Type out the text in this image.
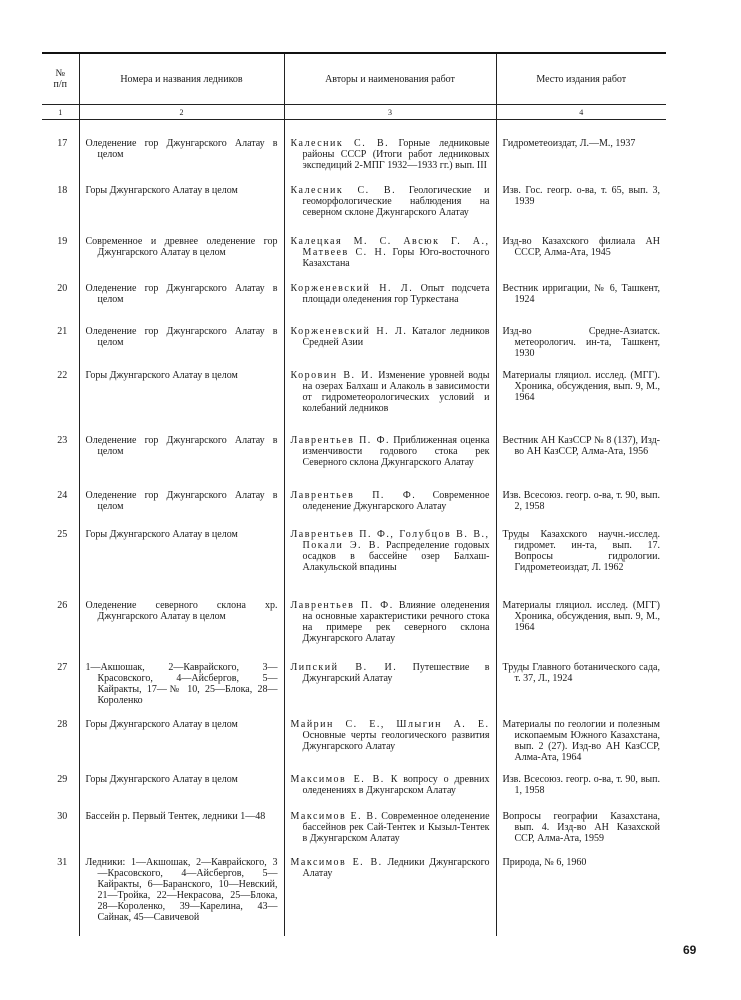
№ п/п	Номера и названия ледников	Авторы и наименования работ	Место издания работ
1	2	3	4
17	Оледенение гор Джунгарского Алатау в целом	Калесник С. В. Горные ледниковые районы СССР (Итоги работ ледниковых экспедиций 2-МПГ 1932—1933 гг.) вып. III	Гидрометеоиздат, Л.—М., 1937

18	Горы Джунгарского Алатау в целом	Калесник С. В. Геологические и геоморфологические наблюдения на северном склоне Джунгарского Алатау	Изв. Гос. геогр. о-ва, т. 65, вып. 3, 1939

19	Современное и древнее оледенение гор Джунгарского Алатау в целом	Калецкая М. С. Авсюк Г. А., Матвеев С. Н. Горы Юго-восточного Казахстана	Изд-во Казахского филиала АН СССР, Алма-Ата, 1945

20	Оледенение гор Джунгарского Алатау в целом	Корженевский Н. Л. Опыт подсчета площади оледенения гор Туркестана	Вестник ирригации, № 6, Ташкент, 1924

21	Оледенение гор Джунгарского Алатау в целом	Корженевский Н. Л. Каталог ледников Средней Азии	Изд-во Средне-Азиатск. метеорологич. ин-та, Ташкент, 1930

22	Горы Джунгарского Алатау в целом	Коровин В. И. Изменение уровней воды на озерах Балхаш и Алаколь в зависимости от гидрометеорологических условий и колебаний ледников	Материалы гляциол. исслед. (МГГ). Хроника, обсуждения, вып. 9, М., 1964

23	Оледенение гор Джунгарского Алатау в целом	Лаврентьев П. Ф. Приближенная оценка изменчивости годового стока рек Северного склона Джунгарского Алатау	Вестник АН КазССР № 8 (137), Изд-во АН КазССР, Алма-Ата, 1956

24	Оледенение гор Джунгарского Алатау в целом	Лаврентьев П. Ф. Современное оледенение Джунгарского Алатау	Изв. Всесоюз. геогр. о-ва, т. 90, вып. 2, 1958

25	Горы Джунгарского Алатау в целом	Лаврентьев П. Ф., Голубцов В. В., Покали Э. В. Распределение годовых осадков в бассейне озер Балхаш-Алакульской впадины	Труды Казахского научн.-исслед. гидромет. ин-та, вып. 17. Вопросы гидрологии. Гидрометеоиздат, Л. 1962

26	Оледенение северного склона хр. Джунгарского Алатау в целом	Лаврентьев П. Ф. Влияние оледенения на основные характеристики речного стока на примере рек северного склона Джунгарского Алатау	Материалы гляциол. исслед. (МГГ) Хроника, обсуждения, вып. 9, М., 1964

27	1—Акшошак, 2—Каврайского, 3—Красовского, 4—Айсбергов, 5—Кайракты, 17—№ 10, 25—Блока, 28—Короленко	Липский В. И. Путешествие в Джунгарский Алатау	Труды Главного ботанического сада, т. 37, Л., 1924

28	Горы Джунгарского Алатау в целом	Майрин С. Е., Шлыгин А. Е. Основные черты геологического развития Джунгарского Алатау	Материалы по геологии и полезным ископаемым Южного Казахстана, вып. 2 (27). Изд-во АН КазССР, Алма-Ата, 1964

29	Горы Джунгарского Алатау в целом	Максимов Е. В. К вопросу о древних оледенениях в Джунгарском Алатау	Изв. Всесоюз. геогр. о-ва, т. 90, вып. 1, 1958

30	Бассейн р. Первый Тентек, ледники 1—48	Максимов Е. В. Современное оледенение бассейнов рек Сай-Тентек и Кызыл-Тентек в Джунгарском Алатау	Вопросы географии Казахстана, вып. 4. Изд-во АН Казахской ССР, Алма-Ата, 1959

31	Ледники: 1—Акшошак, 2—Каврайского, 3—Красовского, 4—Айсбергов, 5—Кайракты, 6—Баранского, 10—Невский, 21—Тройка, 22—Некрасова, 25—Блока, 28—Короленко, 39—Карелина, 43—Сайнак, 45—Савичевой	Максимов Е. В. Ледники Джунгарского Алатау	Природа, № 6, 1960
69
